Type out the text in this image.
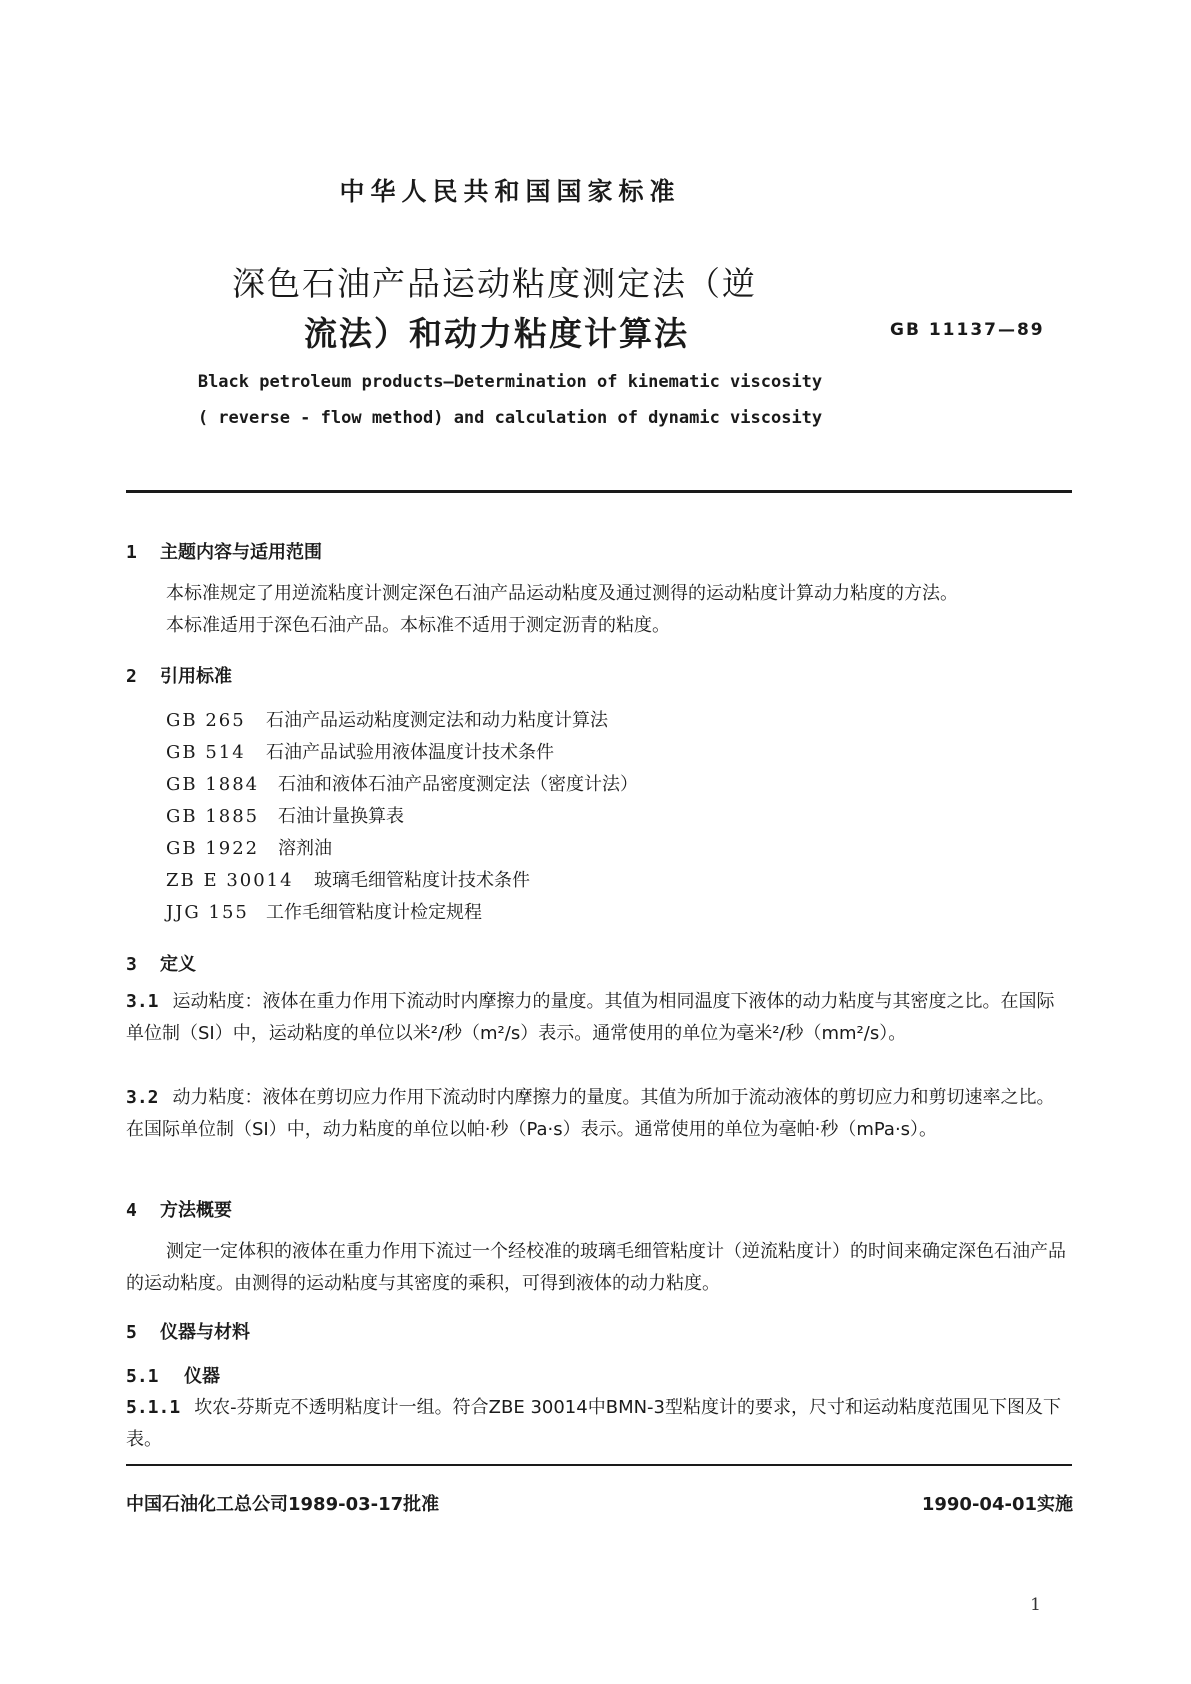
中华人民共和国国家标准
深色石油产品运动粘度测定法（逆
流法）和动力粘度计算法	GB 11137—89
Black petroleum products—Determination of kinematic viscosity
( reverse - flow method) and calculation of dynamic viscosity
1 主题内容与适用范围
本标准规定了用逆流粘度计测定深色石油产品运动粘度及通过测得的运动粘度计算动力粘度的方法。
本标准适用于深色石油产品。本标准不适用于测定沥青的粘度。
2 引用标准
GB 265 石油产品运动粘度测定法和动力粘度计算法
GB 514 石油产品试验用液体温度计技术条件
GB 1884 石油和液体石油产品密度测定法（密度计法）
GB 1885 石油计量换算表
GB 1922 溶剂油
ZB E 30014 玻璃毛细管粘度计技术条件
JJG 155 工作毛细管粘度计检定规程
3 定义
3.1 运动粘度：液体在重力作用下流动时内摩擦力的量度。其值为相同温度下液体的动力粘度与其密度之比。在国际单位制（SI）中，运动粘度的单位以米²/秒（m²/s）表示。通常使用的单位为毫米²/秒（mm²/s）。
3.2 动力粘度：液体在剪切应力作用下流动时内摩擦力的量度。其值为所加于流动液体的剪切应力和剪切速率之比。在国际单位制（SI）中，动力粘度的单位以帕·秒（Pa·s）表示。通常使用的单位为毫帕·秒（mPa·s）。
4 方法概要
测定一定体积的液体在重力作用下流过一个经校准的玻璃毛细管粘度计（逆流粘度计）的时间来确定深色石油产品的运动粘度。由测得的运动粘度与其密度的乘积，可得到液体的动力粘度。
5 仪器与材料
5.1 仪器
5.1.1 坎农-芬斯克不透明粘度计一组。符合ZBE 30014中BMN-3型粘度计的要求，尺寸和运动粘度范围见下图及下表。
中国石油化工总公司1989-03-17批准	1990-04-01实施
1
